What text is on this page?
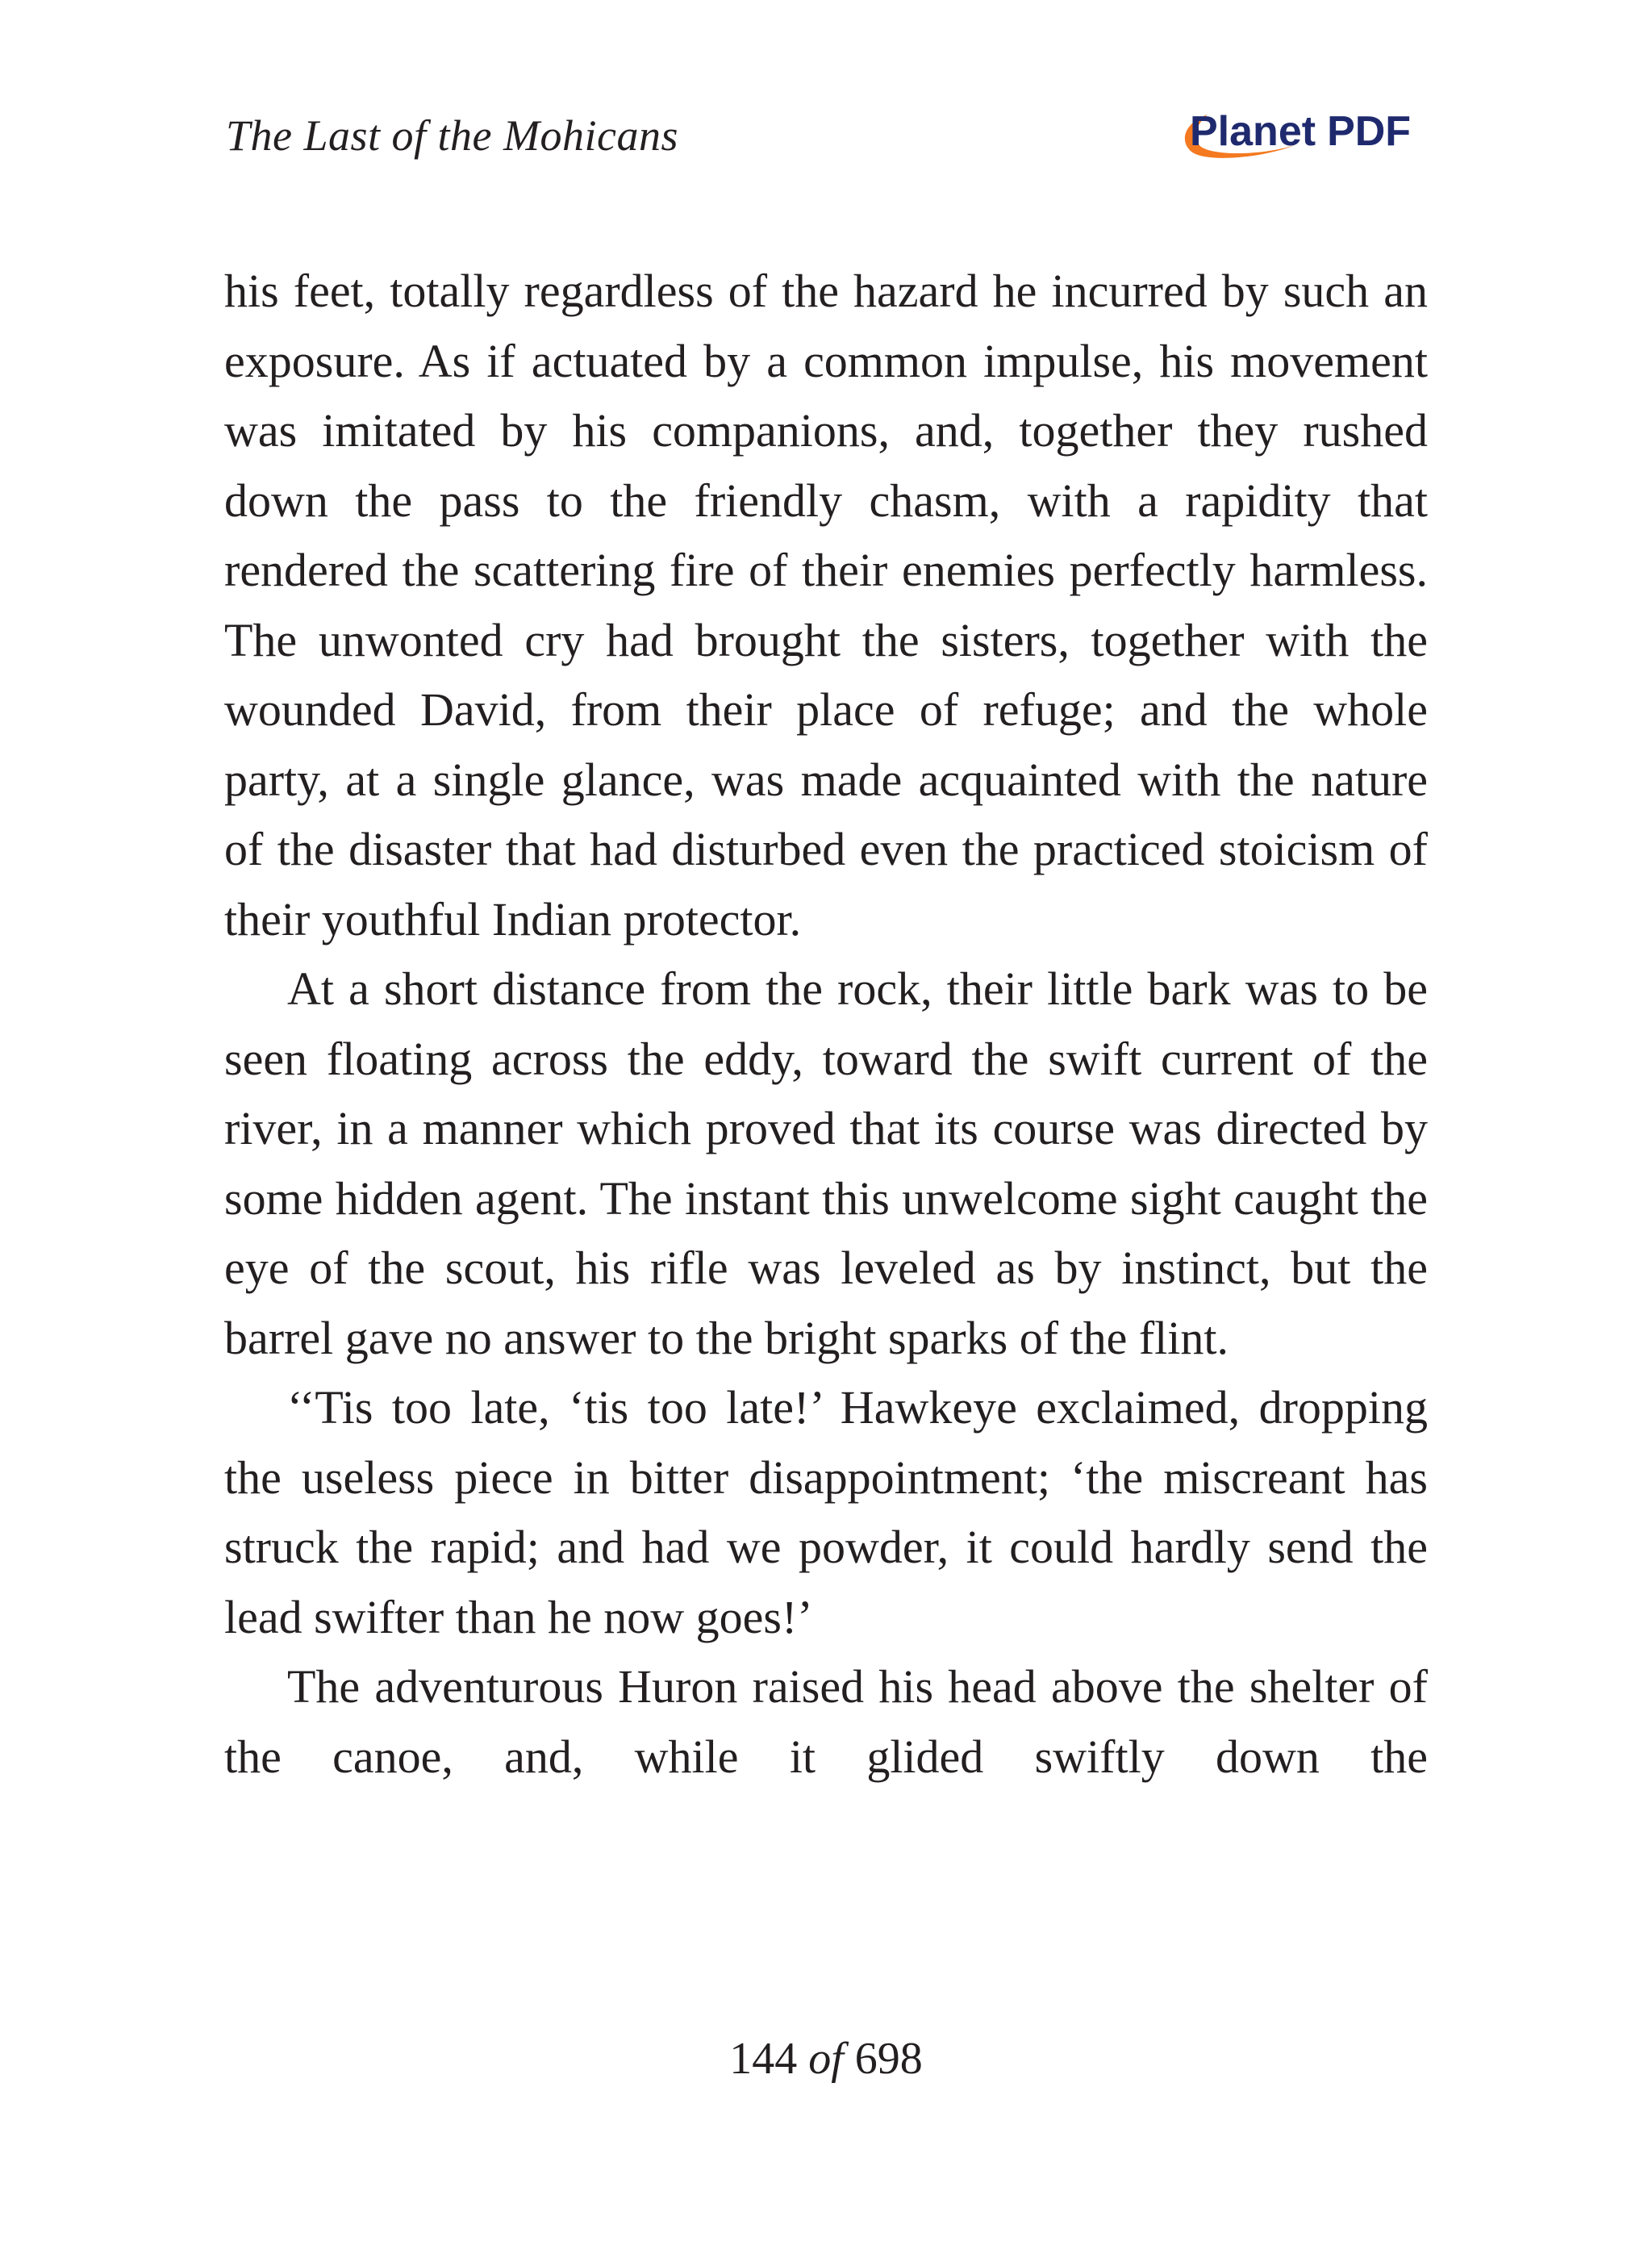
The Last of the Mohicans	Planet PDF

his feet, totally regardless of the hazard he incurred by such an exposure. As if actuated by a common impulse, his movement was imitated by his companions, and, together they rushed down the pass to the friendly chasm, with a rapidity that rendered the scattering fire of their enemies perfectly harmless. The unwonted cry had brought the sisters, together with the wounded David, from their place of refuge; and the whole party, at a single glance, was made acquainted with the nature of the disaster that had disturbed even the practiced stoicism of their youthful Indian protector.

At a short distance from the rock, their little bark was to be seen floating across the eddy, toward the swift current of the river, in a manner which proved that its course was directed by some hidden agent. The instant this unwelcome sight caught the eye of the scout, his rifle was leveled as by instinct, but the barrel gave no answer to the bright sparks of the flint.

‘‘Tis too late, ‘tis too late!’ Hawkeye exclaimed, dropping the useless piece in bitter disappointment; ‘the miscreant has struck the rapid; and had we powder, it could hardly send the lead swifter than he now goes!’

The adventurous Huron raised his head above the shelter of the canoe, and, while it glided swiftly down the

144 of 698
